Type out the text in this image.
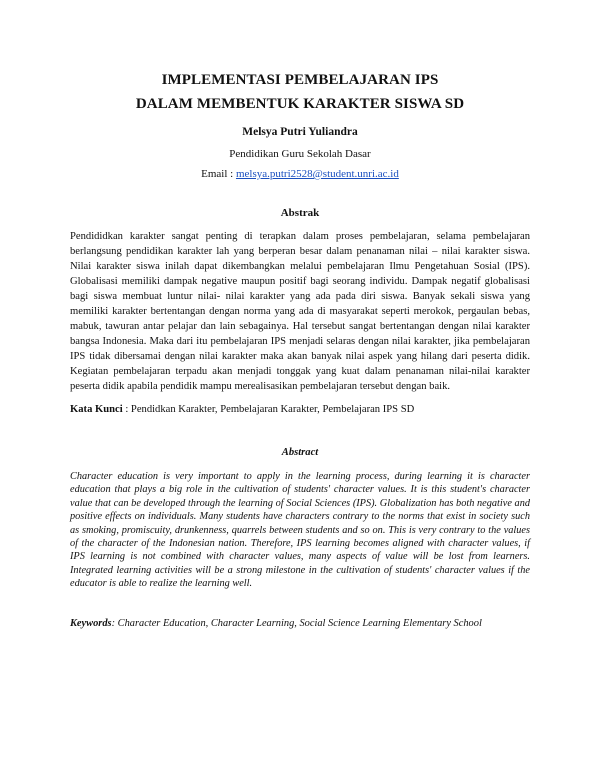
IMPLEMENTASI PEMBELAJARAN IPS
DALAM MEMBENTUK KARAKTER SISWA SD
Melsya Putri Yuliandra
Pendidikan Guru Sekolah Dasar
Email : melsya.putri2528@student.unri.ac.id
Abstrak
Pendididkan karakter sangat penting di terapkan dalam proses pembelajaran, selama pembelajaran berlangsung pendidikan karakter lah yang berperan besar dalam penanaman nilai – nilai karakter siswa. Nilai karakter siswa inilah dapat dikembangkan melalui pembelajaran Ilmu Pengetahuan Sosial (IPS). Globalisasi memiliki dampak negative maupun positif bagi seorang individu. Dampak negatif globalisasi bagi siswa membuat luntur nilai- nilai karakter yang ada pada diri siswa. Banyak sekali siswa yang memiliki karakter bertentangan dengan norma yang ada di masyarakat seperti merokok, pergaulan bebas, mabuk, tawuran antar pelajar dan lain sebagainya. Hal tersebut sangat bertentangan dengan nilai karakter bangsa Indonesia. Maka dari itu pembelajaran IPS menjadi selaras dengan nilai karakter, jika pembelajaran IPS tidak dibersamai dengan nilai karakter maka akan banyak nilai aspek yang hilang dari peserta didik. Kegiatan pembelajaran terpadu akan menjadi tonggak yang kuat dalam penanaman nilai-nilai karakter peserta didik apabila pendidik mampu merealisasikan pembelajaran tersebut dengan baik.
Kata Kunci : Pendidkan Karakter, Pembelajaran Karakter, Pembelajaran IPS SD
Abstract
Character education is very important to apply in the learning process, during learning it is character education that plays a big role in the cultivation of students' character values. It is this student's character value that can be developed through the learning of Social Sciences (IPS). Globalization has both negative and positive effects on individuals. Many students have characters contrary to the norms that exist in society such as smoking, promiscuity, drunkenness, quarrels between students and so on. This is very contrary to the values of the character of the Indonesian nation. Therefore, IPS learning becomes aligned with character values, if IPS learning is not combined with character values, many aspects of value will be lost from learners. Integrated learning activities will be a strong milestone in the cultivation of students' character values if the educator is able to realize the learning well.
Keywords: Character Education, Character Learning, Social Science Learning Elementary School
